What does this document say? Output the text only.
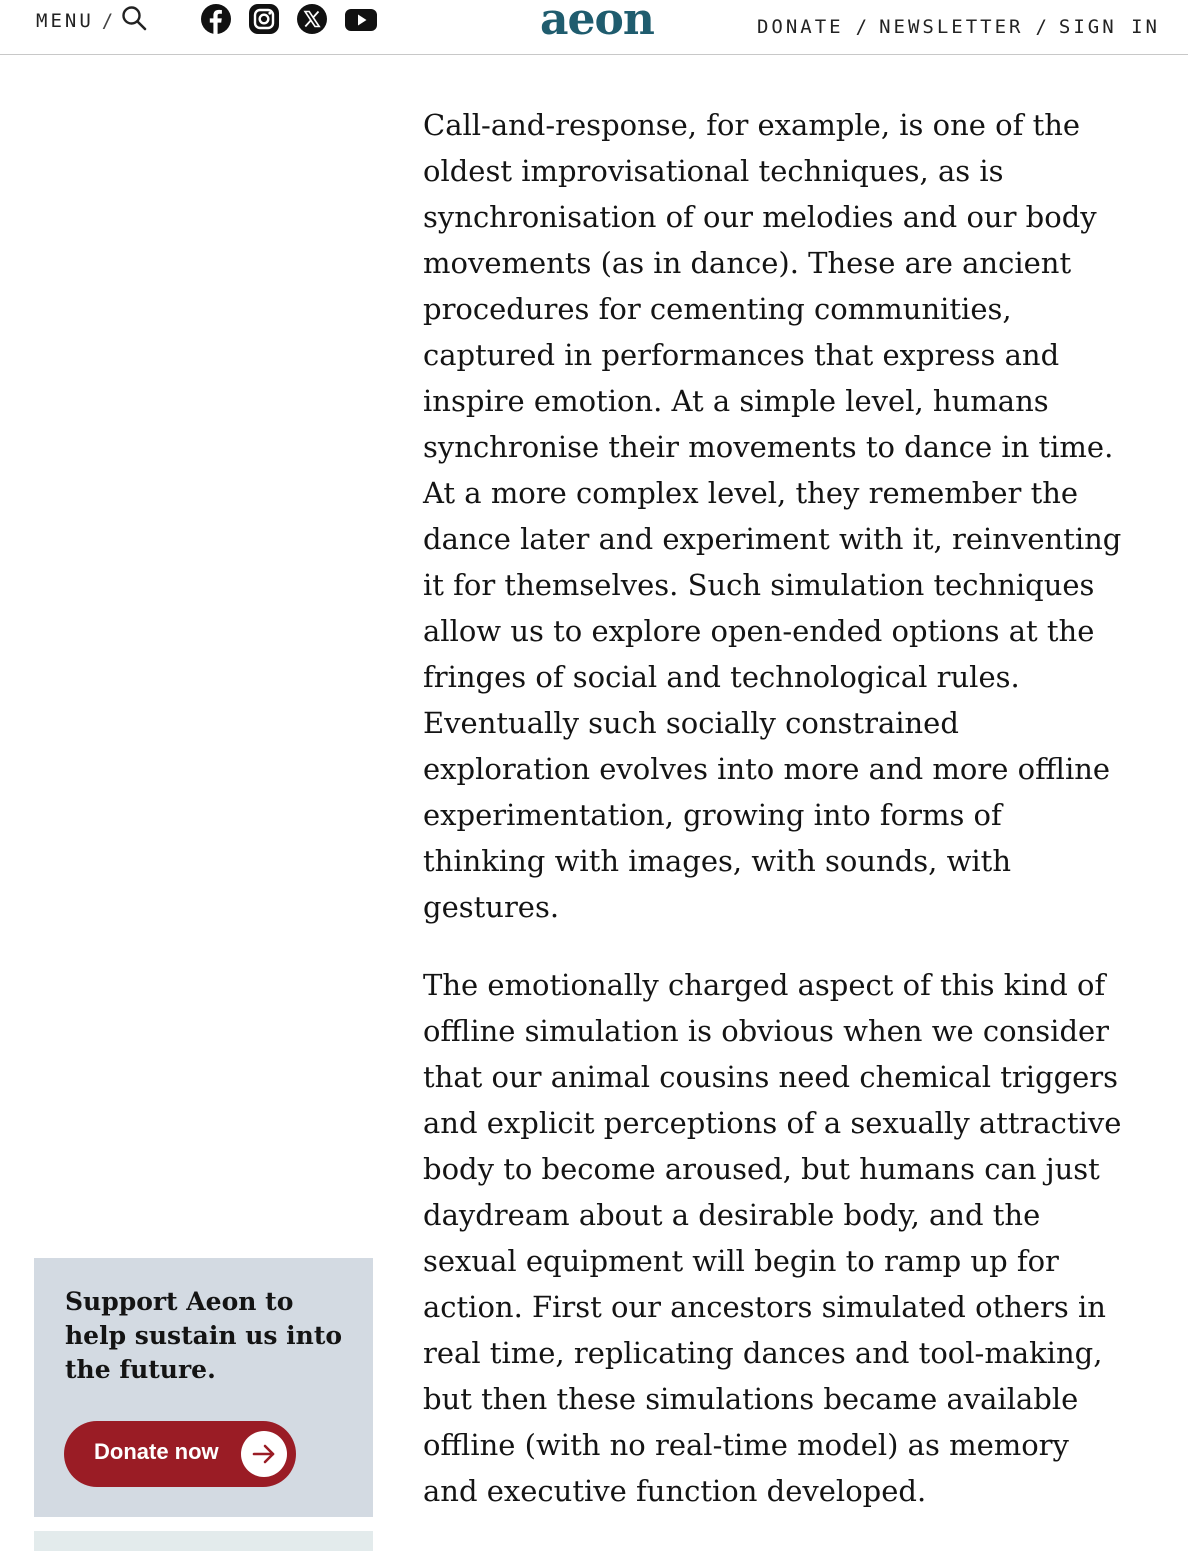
MENU /	aeon	DONATE / NEWSLETTER / SIGN IN

Call-and-response, for example, is one of the oldest improvisational techniques, as is synchronisation of our melodies and our body movements (as in dance). These are ancient procedures for cementing communities, captured in performances that express and inspire emotion. At a simple level, humans synchronise their movements to dance in time. At a more complex level, they remember the dance later and experiment with it, reinventing it for themselves. Such simulation techniques allow us to explore open-ended options at the fringes of social and technological rules. Eventually such socially constrained exploration evolves into more and more offline experimentation, growing into forms of thinking with images, with sounds, with gestures.

The emotionally charged aspect of this kind of offline simulation is obvious when we consider that our animal cousins need chemical triggers and explicit perceptions of a sexually attractive body to become aroused, but humans can just daydream about a desirable body, and the sexual equipment will begin to ramp up for action. First our ancestors simulated others in real time, replicating dances and tool-making, but then these simulations became available offline (with no real-time model) as memory and executive function developed.

Support Aeon to help sustain us into the future.
Donate now
